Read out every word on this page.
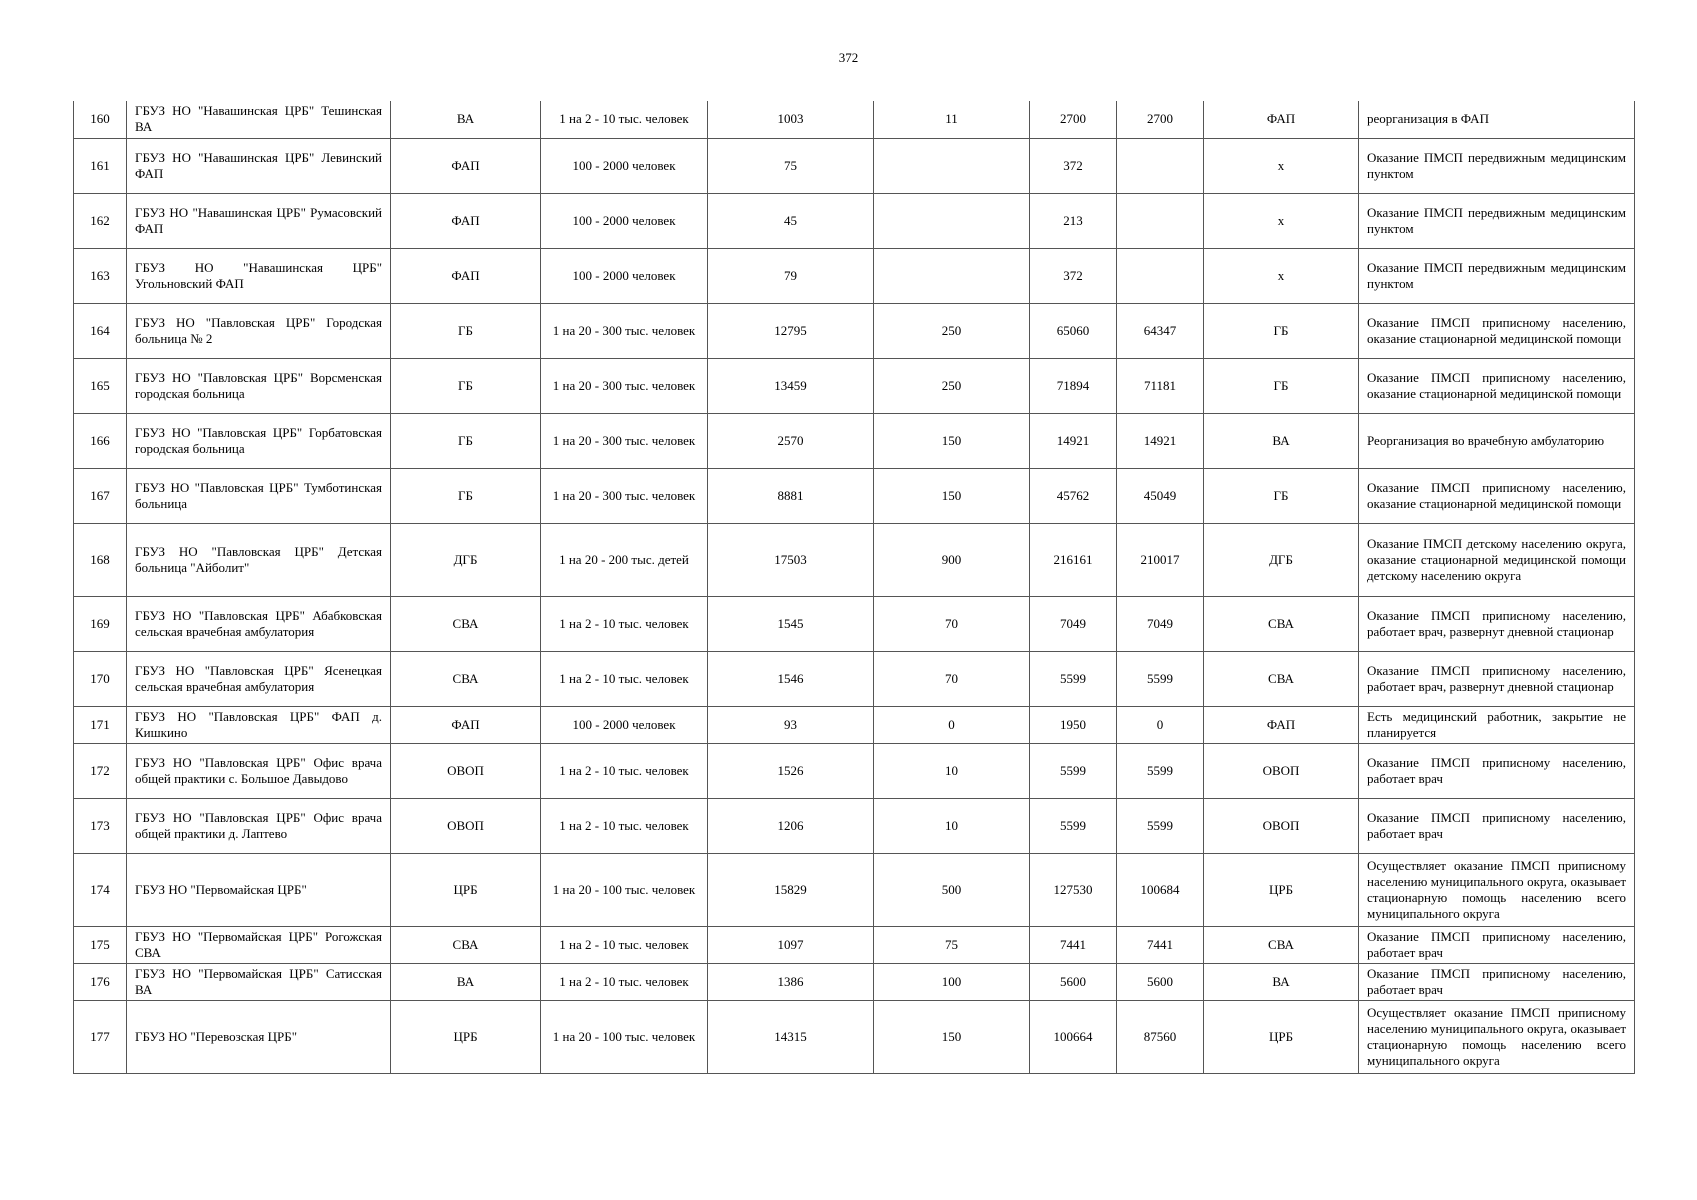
372
160	ГБУЗ НО "Навашинская ЦРБ" Тешинская ВА	ВА	1 на 2 - 10 тыс. человек	1003	11	2700	2700	ФАП	реорганизация в ФАП
161	ГБУЗ НО "Навашинская ЦРБ" Левинский ФАП	ФАП	100 - 2000 человек	75		372		х	Оказание ПМСП передвижным медицинским пунктом
162	ГБУЗ НО "Навашинская ЦРБ" Румасовский ФАП	ФАП	100 - 2000 человек	45		213		х	Оказание ПМСП передвижным медицинским пунктом
163	ГБУЗ НО "Навашинская ЦРБ" Угольновский ФАП	ФАП	100 - 2000 человек	79		372		х	Оказание ПМСП передвижным медицинским пунктом
164	ГБУЗ НО "Павловская ЦРБ" Городская больница № 2	ГБ	1 на 20 - 300 тыс. человек	12795	250	65060	64347	ГБ	Оказание ПМСП приписному населению, оказание стационарной медицинской помощи
165	ГБУЗ НО "Павловская ЦРБ" Ворсменская городская больница	ГБ	1 на 20 - 300 тыс. человек	13459	250	71894	71181	ГБ	Оказание ПМСП приписному населению, оказание стационарной медицинской помощи
166	ГБУЗ НО "Павловская ЦРБ" Горбатовская городская больница	ГБ	1 на 20 - 300 тыс. человек	2570	150	14921	14921	ВА	Реорганизация во врачебную амбулаторию
167	ГБУЗ НО "Павловская ЦРБ" Тумботинская больница	ГБ	1 на 20 - 300 тыс. человек	8881	150	45762	45049	ГБ	Оказание ПМСП приписному населению, оказание стационарной медицинской помощи
168	ГБУЗ НО "Павловская ЦРБ" Детская больница "Айболит"	ДГБ	1 на 20 - 200 тыс. детей	17503	900	216161	210017	ДГБ	Оказание ПМСП детскому населению округа, оказание стационарной медицинской помощи детскому населению округа
169	ГБУЗ НО "Павловская ЦРБ" Абабковская сельская врачебная амбулатория	СВА	1 на 2 - 10 тыс. человек	1545	70	7049	7049	СВА	Оказание ПМСП приписному населению, работает врач, развернут дневной стационар
170	ГБУЗ НО "Павловская ЦРБ" Ясенецкая сельская врачебная амбулатория	СВА	1 на 2 - 10 тыс. человек	1546	70	5599	5599	СВА	Оказание ПМСП приписному населению, работает врач, развернут дневной стационар
171	ГБУЗ НО "Павловская ЦРБ" ФАП д. Кишкино	ФАП	100 - 2000 человек	93	0	1950	0	ФАП	Есть медицинский работник, закрытие не планируется
172	ГБУЗ НО "Павловская ЦРБ" Офис врача общей практики с. Большое Давыдово	ОВОП	1 на 2 - 10 тыс. человек	1526	10	5599	5599	ОВОП	Оказание ПМСП приписному населению, работает врач
173	ГБУЗ НО "Павловская ЦРБ" Офис врача общей практики д. Лаптево	ОВОП	1 на 2 - 10 тыс. человек	1206	10	5599	5599	ОВОП	Оказание ПМСП приписному населению, работает врач
174	ГБУЗ НО "Первомайская ЦРБ"	ЦРБ	1 на 20 - 100 тыс. человек	15829	500	127530	100684	ЦРБ	Осуществляет оказание ПМСП приписному населению муниципального округа, оказывает стационарную помощь населению всего муниципального округа
175	ГБУЗ НО "Первомайская ЦРБ" Рогожская СВА	СВА	1 на 2 - 10 тыс. человек	1097	75	7441	7441	СВА	Оказание ПМСП приписному населению, работает врач
176	ГБУЗ НО "Первомайская ЦРБ" Сатисская ВА	ВА	1 на 2 - 10 тыс. человек	1386	100	5600	5600	ВА	Оказание ПМСП приписному населению, работает врач
177	ГБУЗ НО "Перевозская ЦРБ"	ЦРБ	1 на 20 - 100 тыс. человек	14315	150	100664	87560	ЦРБ	Осуществляет оказание ПМСП приписному населению муниципального округа, оказывает стационарную помощь населению всего муниципального округа
